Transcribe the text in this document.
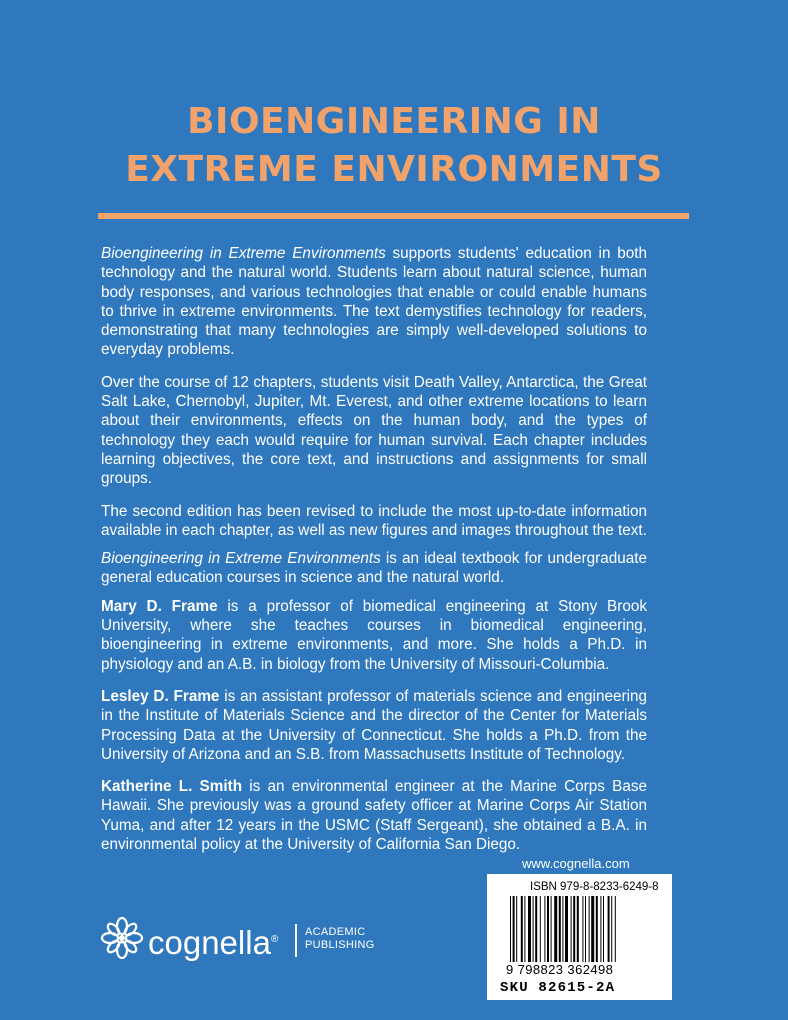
BIOENGINEERING IN
EXTREME ENVIRONMENTS

Bioengineering in Extreme Environments supports students' education in both technology and the natural world. Students learn about natural science, human body responses, and various technologies that enable or could enable humans to thrive in extreme environments. The text demystifies technology for readers, demonstrating that many technologies are simply well-developed solutions to everyday problems.

Over the course of 12 chapters, students visit Death Valley, Antarctica, the Great Salt Lake, Chernobyl, Jupiter, Mt. Everest, and other extreme locations to learn about their environments, effects on the human body, and the types of technology they each would require for human survival. Each chapter includes learning objectives, the core text, and instructions and assignments for small groups.

The second edition has been revised to include the most up-to-date information available in each chapter, as well as new figures and images throughout the text.

Bioengineering in Extreme Environments is an ideal textbook for undergraduate general education courses in science and the natural world.

Mary D. Frame is a professor of biomedical engineering at Stony Brook University, where she teaches courses in biomedical engineering, bioengineering in extreme environments, and more. She holds a Ph.D. in physiology and an A.B. in biology from the University of Missouri-Columbia.

Lesley D. Frame is an assistant professor of materials science and engineering in the Institute of Materials Science and the director of the Center for Materials Processing Data at the University of Connecticut. She holds a Ph.D. from the University of Arizona and an S.B. from Massachusetts Institute of Technology.

Katherine L. Smith is an environmental engineer at the Marine Corps Base Hawaii. She previously was a ground safety officer at Marine Corps Air Station Yuma, and after 12 years in the USMC (Staff Sergeant), she obtained a B.A. in environmental policy at the University of California San Diego.

www.cognella.com
ISBN 979-8-8233-6249-8
9 798823 362498
SKU 82615-2A
cognella®
ACADEMIC
PUBLISHING
